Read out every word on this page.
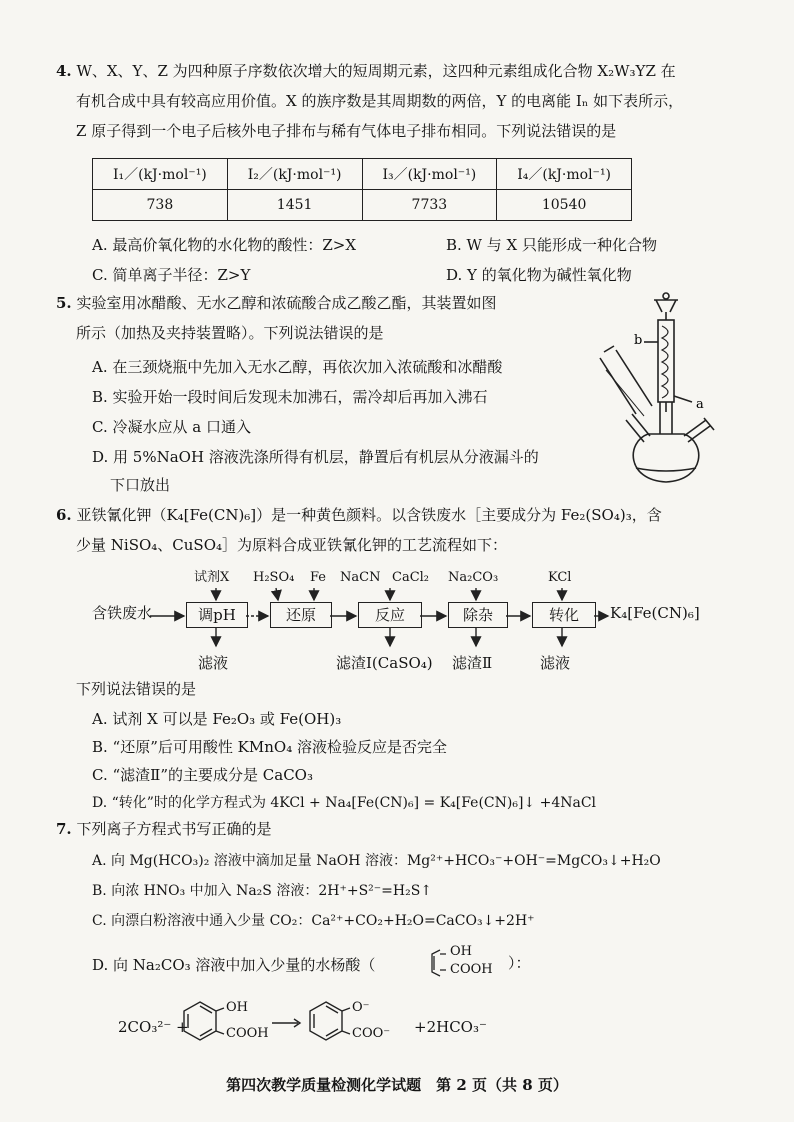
4. W、X、Y、Z 为四种原子序数依次增大的短周期元素，这四种元素组成化合物 X₂W₃YZ 在
有机合成中具有较高应用价值。X 的族序数是其周期数的两倍，Y 的电离能 Iₙ 如下表所示，
Z 原子得到一个电子后核外电子排布与稀有气体电子排布相同。下列说法错误的是
I₁／(kJ·mol⁻¹)	I₂／(kJ·mol⁻¹)	I₃／(kJ·mol⁻¹)	I₄／(kJ·mol⁻¹)
738	1451	7733	10540
A. 最高价氧化物的水化物的酸性：Z>X	B. W 与 X 只能形成一种化合物
C. 简单离子半径：Z>Y	D. Y 的氧化物为碱性氧化物
5. 实验室用冰醋酸、无水乙醇和浓硫酸合成乙酸乙酯，其装置如图
所示（加热及夹持装置略）。下列说法错误的是
A. 在三颈烧瓶中先加入无水乙醇，再依次加入浓硫酸和冰醋酸
B. 实验开始一段时间后发现未加沸石，需冷却后再加入沸石
C. 冷凝水应从 a 口通入
D. 用 5%NaOH 溶液洗涤所得有机层，静置后有机层从分液漏斗的
下口放出
b
a
6. 亚铁氰化钾（K₄[Fe(CN)₆]）是一种黄色颜料。以含铁废水［主要成分为 Fe₂(SO₄)₃，含
少量 NiSO₄、CuSO₄］为原料合成亚铁氰化钾的工艺流程如下：
试剂X H₂SO₄ Fe NaCN CaCl₂ Na₂CO₃	KCl
含铁废水	调pH	还原	反应	除杂	转化	K₄[Fe(CN)₆]
滤液	滤渣Ⅰ(CaSO₄) 滤渣Ⅱ	滤液
下列说法错误的是
A. 试剂 X 可以是 Fe₂O₃ 或 Fe(OH)₃
B. “还原”后可用酸性 KMnO₄ 溶液检验反应是否完全
C. “滤渣Ⅱ”的主要成分是 CaCO₃
D. “转化”时的化学方程式为 4KCl + Na₄[Fe(CN)₆] = K₄[Fe(CN)₆]↓ +4NaCl
7. 下列离子方程式书写正确的是
A. 向 Mg(HCO₃)₂ 溶液中滴加足量 NaOH 溶液：Mg²⁺+HCO₃⁻+OH⁻=MgCO₃↓+H₂O
B. 向浓 HNO₃ 中加入 Na₂S 溶液：2H⁺+S²⁻=H₂S↑
C. 向漂白粉溶液中通入少量 CO₂：Ca²⁺+CO₂+H₂O=CaCO₃↓+2H⁺
D. 向 Na₂CO₃ 溶液中加入少量的水杨酸（
OH
COOH ）：
2CO₃²⁻ +
OH
COOH
O⁻
COO⁻ +2HCO₃⁻
第四次教学质量检测化学试题　第 2 页（共 8 页）
